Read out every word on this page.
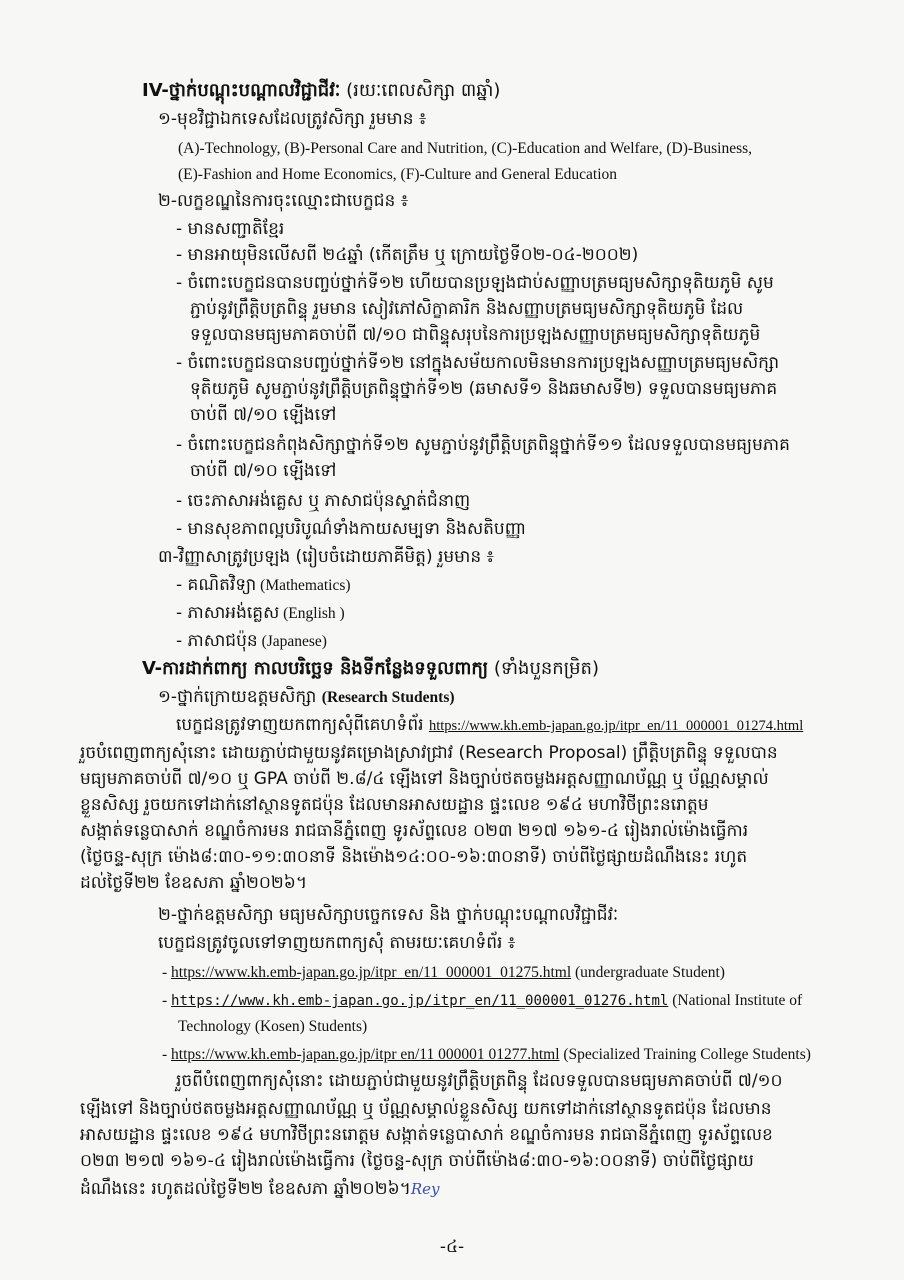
IV-ថ្នាក់បណ្ដុះបណ្ដាលវិជ្ជាជីវៈ (រយៈពេលសិក្សា ៣ឆ្នាំ)
១-មុខវិជ្ជាឯកទេសដែលត្រូវសិក្សា រួមមាន ៖
(A)-Technology, (B)-Personal Care and Nutrition, (C)-Education and Welfare, (D)-Business,
(E)-Fashion and Home Economics, (F)-Culture and General Education
២-លក្ខខណ្ឌនៃការចុះឈ្មោះជាបេក្ខជន ៖
- មានសញ្ជាតិខ្មែរ
- មានអាយុមិនលើសពី ២៤ឆ្នាំ (កើតត្រឹម ឬ ក្រោយថ្ងៃទី០២-០៤-២០០២)
- ចំពោះបេក្ខជនបានបញ្ចប់ថ្នាក់ទី១២ ហើយបានប្រឡងជាប់សញ្ញាបត្រមធ្យមសិក្សាទុតិយភូមិ សូម
ភ្ជាប់នូវព្រឹត្តិបត្រពិន្ទុ រួមមាន សៀវភៅសិក្ខាគារិក និងសញ្ញាបត្រមធ្យមសិក្សាទុតិយភូមិ ដែល
ទទួលបានមធ្យមភាគចាប់ពី ៧/១០ ជាពិន្ទុសរុបនៃការប្រឡងសញ្ញាបត្រមធ្យមសិក្សាទុតិយភូមិ
- ចំពោះបេក្ខជនបានបញ្ចប់ថ្នាក់ទី១២ នៅក្នុងសម័យកាលមិនមានការប្រឡងសញ្ញាបត្រមធ្យមសិក្សា
ទុតិយភូមិ សូមភ្ជាប់នូវព្រឹត្តិបត្រពិន្ទុថ្នាក់ទី១២ (ឆមាសទី១ និងឆមាសទី២) ទទួលបានមធ្យមភាគ
ចាប់ពី ៧/១០ ឡើងទៅ
- ចំពោះបេក្ខជនកំពុងសិក្សាថ្នាក់ទី១២ សូមភ្ជាប់នូវព្រឹត្តិបត្រពិន្ទុថ្នាក់ទី១១ ដែលទទួលបានមធ្យមភាគ
ចាប់ពី ៧/១០ ឡើងទៅ
- ចេះភាសាអង់គ្លេស ឬ ភាសាជប៉ុនស្ទាត់ជំនាញ
- មានសុខភាពល្អបរិបូណ៌ទាំងកាយសម្បទា និងសតិបញ្ញា
៣-វិញ្ញាសាត្រូវប្រឡង (រៀបចំដោយភាគីមិត្ត) រួមមាន ៖
- គណិតវិទ្យា (Mathematics)
- ភាសាអង់គ្លេស (English )
- ភាសាជប៉ុន (Japanese)
V-ការដាក់ពាក្យ កាលបរិច្ឆេទ និងទីកន្លែងទទួលពាក្យ (ទាំងបួនកម្រិត)
១-ថ្នាក់ក្រោយឧត្តមសិក្សា (Research Students)
បេក្ខជនត្រូវទាញយកពាក្យសុំពីគេហទំព័រ https://www.kh.emb-japan.go.jp/itpr_en/11_000001_01274.html
រួចបំពេញពាក្យសុំនោះ ដោយភ្ជាប់ជាមួយនូវគម្រោងស្រាវជ្រាវ (Research Proposal) ព្រឹត្តិបត្រពិន្ទុ ទទួលបាន
មធ្យមភាគចាប់ពី ៧/១០ ឬ GPA ចាប់ពី ២.៨/៤ ឡើងទៅ និងច្បាប់ថតចម្លងអត្តសញ្ញាណប័ណ្ណ ឬ ប័ណ្ណសម្គាល់
ខ្លួនសិស្ស រួចយកទៅដាក់នៅស្ថានទូតជប៉ុន ដែលមានអាសយដ្ឋាន ផ្ទះលេខ ១៩៤ មហាវិថីព្រះនរោត្តម
សង្កាត់ទន្លេបាសាក់ ខណ្ឌចំការមន រាជធានីភ្នំពេញ ទូរស័ព្ទលេខ ០២៣ ២១៧ ១៦១-៤ រៀងរាល់ម៉ោងធ្វើការ
(ថ្ងៃចន្ទ-សុក្រ ម៉ោង៨:៣០-១១:៣០នាទី និងម៉ោង១៤:០០-១៦:៣០នាទី) ចាប់ពីថ្ងៃផ្សាយដំណឹងនេះ រហូត
ដល់ថ្ងៃទី២២ ខែឧសភា ឆ្នាំ២០២៦។
២-ថ្នាក់ឧត្តមសិក្សា មធ្យមសិក្សាបច្ចេកទេស និង ថ្នាក់បណ្ដុះបណ្ដាលវិជ្ជាជីវៈ
បេក្ខជនត្រូវចូលទៅទាញយកពាក្យសុំ តាមរយៈគេហទំព័រ ៖
- https://www.kh.emb-japan.go.jp/itpr_en/11_000001_01275.html (undergraduate Student)
- https://www.kh.emb-japan.go.jp/itpr_en/11_000001_01276.html (National Institute of
Technology (Kosen) Students)
- https://www.kh.emb-japan.go.jp/itpr en/11 000001 01277.html (Specialized Training College Students)
រួចពីបំពេញពាក្យសុំនោះ ដោយភ្ជាប់ជាមួយនូវព្រឹត្តិបត្រពិន្ទុ ដែលទទួលបានមធ្យមភាគចាប់ពី ៧/១០
ឡើងទៅ និងច្បាប់ថតចម្លងអត្តសញ្ញាណប័ណ្ណ ឬ ប័ណ្ណសម្គាល់ខ្លួនសិស្ស យកទៅដាក់នៅស្ថានទូតជប៉ុន ដែលមាន
អាសយដ្ឋាន ផ្ទះលេខ ១៩៤ មហាវិថីព្រះនរោត្តម សង្កាត់ទន្លេបាសាក់ ខណ្ឌចំការមន រាជធានីភ្នំពេញ ទូរស័ព្ទលេខ
០២៣ ២១៧ ១៦១-៤ រៀងរាល់ម៉ោងធ្វើការ (ថ្ងៃចន្ទ-សុក្រ ចាប់ពីម៉ោង៨:៣០-១៦:០០នាទី) ចាប់ពីថ្ងៃផ្សាយ
ដំណឹងនេះ រហូតដល់ថ្ងៃទី២២ ខែឧសភា ឆ្នាំ២០២៦។Rey
-៤-
